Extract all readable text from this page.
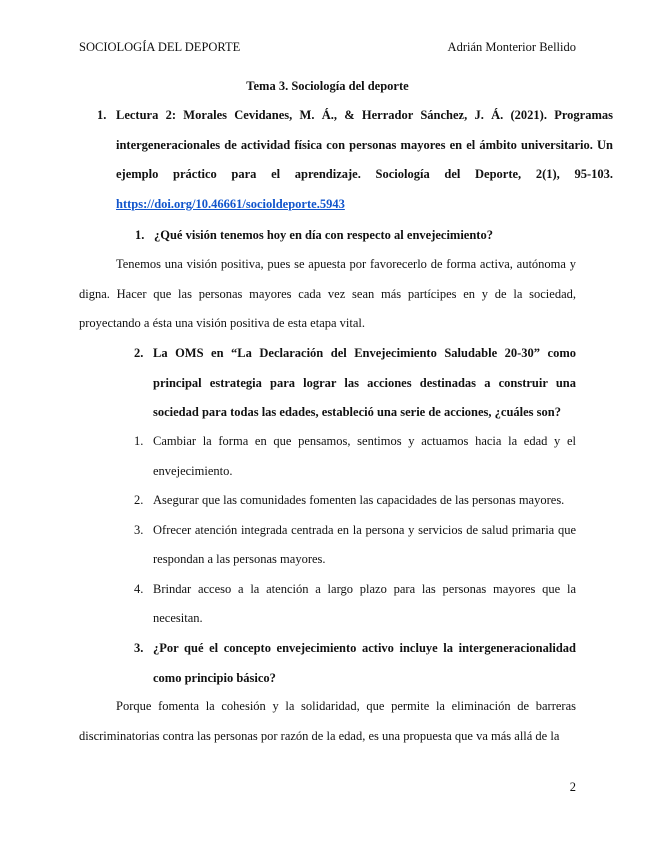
SOCIOLOGÍA DEL DEPORTE	Adrián Monterior Bellido
Tema 3. Sociología del deporte
1. Lectura 2: Morales Cevidanes, M. Á., & Herrador Sánchez, J. Á. (2021). Programas intergeneracionales de actividad física con personas mayores en el ámbito universitario. Un ejemplo práctico para el aprendizaje. Sociología del Deporte, 2(1), 95-103. https://doi.org/10.46661/socioldeporte.5943
1. ¿Qué visión tenemos hoy en día con respecto al envejecimiento?
Tenemos una visión positiva, pues se apuesta por favorecerlo de forma activa, autónoma y digna. Hacer que las personas mayores cada vez sean más partícipes en y de la sociedad, proyectando a ésta una visión positiva de esta etapa vital.
2. La OMS en “La Declaración del Envejecimiento Saludable 20-30” como principal estrategia para lograr las acciones destinadas a construir una sociedad para todas las edades, estableció una serie de acciones, ¿cuáles son?
1. Cambiar la forma en que pensamos, sentimos y actuamos hacia la edad y el envejecimiento.
2. Asegurar que las comunidades fomenten las capacidades de las personas mayores.
3. Ofrecer atención integrada centrada en la persona y servicios de salud primaria que respondan a las personas mayores.
4. Brindar acceso a la atención a largo plazo para las personas mayores que la necesitan.
3. ¿Por qué el concepto envejecimiento activo incluye la intergeneracionalidad como principio básico?
Porque fomenta la cohesión y la solidaridad, que permite la eliminación de barreras discriminatorias contra las personas por razón de la edad, es una propuesta que va más allá de la
2
